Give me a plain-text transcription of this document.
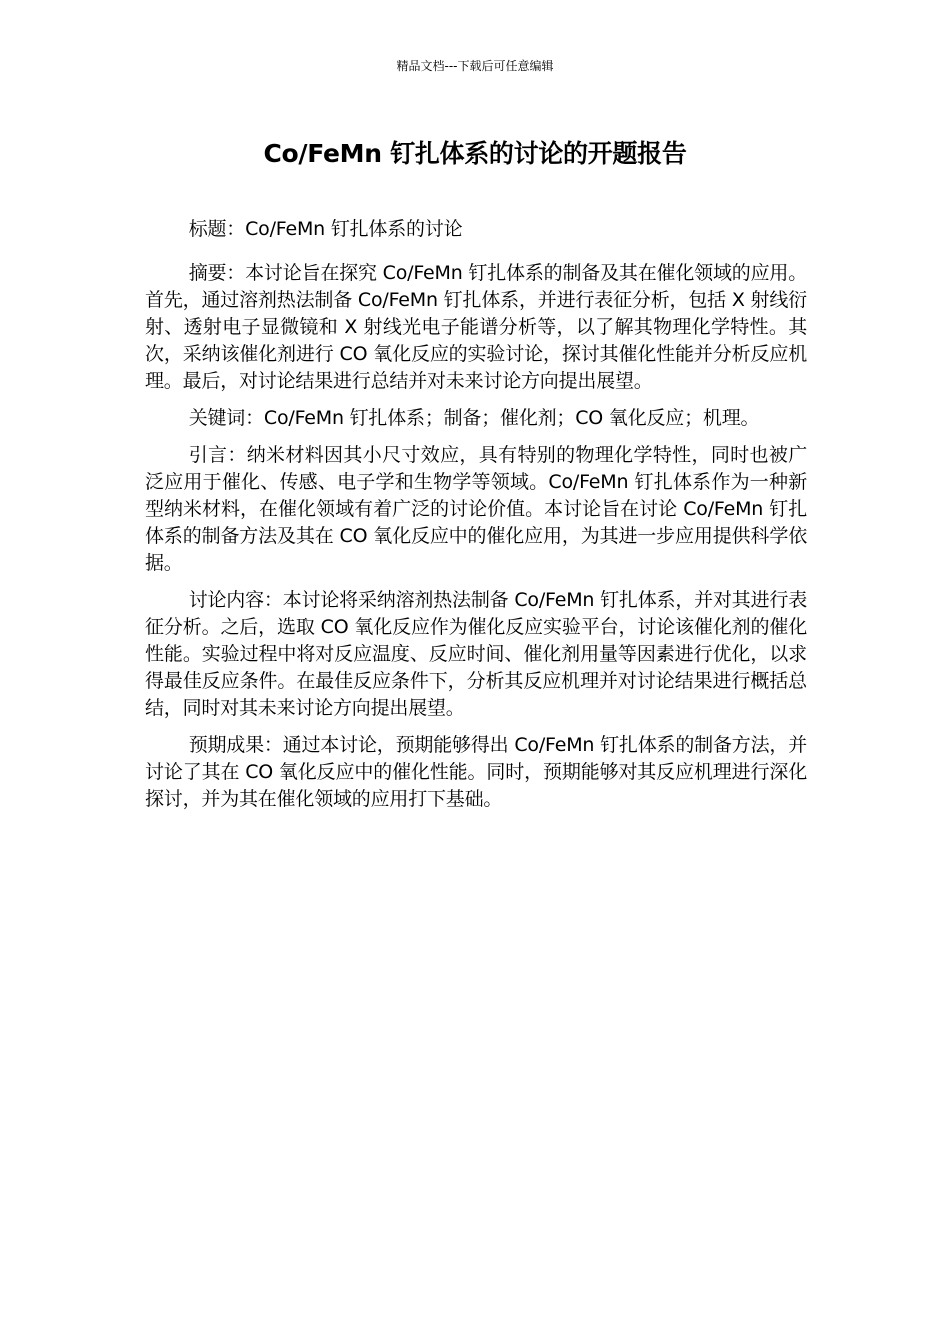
精品文档---下载后可任意编辑
Co/FeMn 钉扎体系的讨论的开题报告

标题：Co/FeMn 钉扎体系的讨论

摘要：本讨论旨在探究 Co/FeMn 钉扎体系的制备及其在催化领域的应用。首先，通过溶剂热法制备 Co/FeMn 钉扎体系，并进行表征分析，包括 X 射线衍射、透射电子显微镜和 X 射线光电子能谱分析等，以了解其物理化学特性。其次，采纳该催化剂进行 CO 氧化反应的实验讨论，探讨其催化性能并分析反应机理。最后，对讨论结果进行总结并对未来讨论方向提出展望。

关键词：Co/FeMn 钉扎体系；制备；催化剂；CO 氧化反应；机理。

引言：纳米材料因其小尺寸效应，具有特别的物理化学特性，同时也被广泛应用于催化、传感、电子学和生物学等领域。Co/FeMn 钉扎体系作为一种新型纳米材料，在催化领域有着广泛的讨论价值。本讨论旨在讨论 Co/FeMn 钉扎体系的制备方法及其在 CO 氧化反应中的催化应用，为其进一步应用提供科学依据。

讨论内容：本讨论将采纳溶剂热法制备 Co/FeMn 钉扎体系，并对其进行表征分析。之后，选取 CO 氧化反应作为催化反应实验平台，讨论该催化剂的催化性能。实验过程中将对反应温度、反应时间、催化剂用量等因素进行优化，以求得最佳反应条件。在最佳反应条件下，分析其反应机理并对讨论结果进行概括总结，同时对其未来讨论方向提出展望。

预期成果：通过本讨论，预期能够得出 Co/FeMn 钉扎体系的制备方法，并讨论了其在 CO 氧化反应中的催化性能。同时，预期能够对其反应机理进行深化探讨，并为其在催化领域的应用打下基础。
